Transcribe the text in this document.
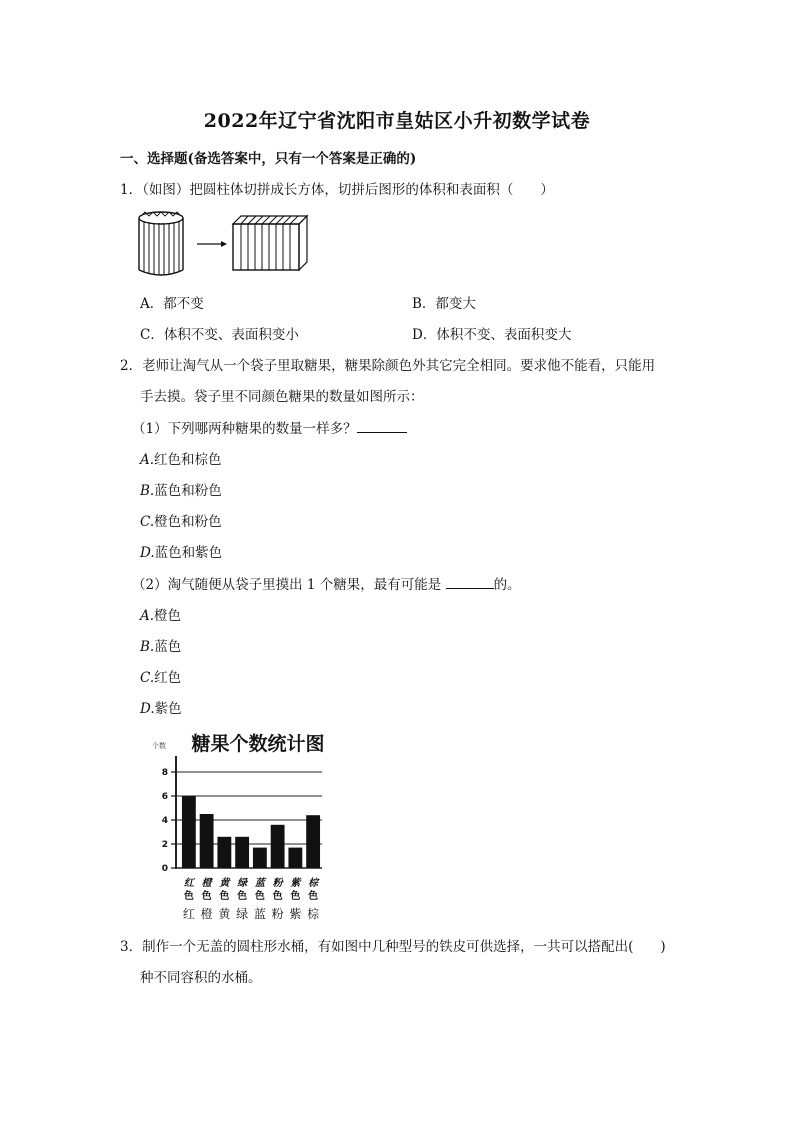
2022年辽宁省沈阳市皇姑区小升初数学试卷
一、选择题(备选答案中，只有一个答案是正确的)
1．（如图）把圆柱体切拼成长方体，切拼后图形的体积和表面积（　　）
A．都不变	B．都变大
C．体积不变、表面积变小	D．体积不变、表面积变大
2．老师让淘气从一个袋子里取糖果，糖果除颜色外其它完全相同。要求他不能看，只能用
手去摸。袋子里不同颜色糖果的数量如图所示：
（1）下列哪两种糖果的数量一样多？
A.红色和棕色
B.蓝色和粉色
C.橙色和粉色
D.蓝色和紫色
（2）淘气随便从袋子里摸出 1 个糖果，最有可能是	的。
A.橙色
B.蓝色
C.红色
D.紫色
糖果个数统计图
个数
0
2
4
6
8
红
色
红
橙
色
橙
黄
色
黄
绿
色
绿
蓝
色
蓝
粉
色
粉
紫
色
紫
棕
色
棕
3．制作一个无盖的圆柱形水桶，有如图中几种型号的铁皮可供选择，一共可以搭配出(　　)
种不同容积的水桶。
